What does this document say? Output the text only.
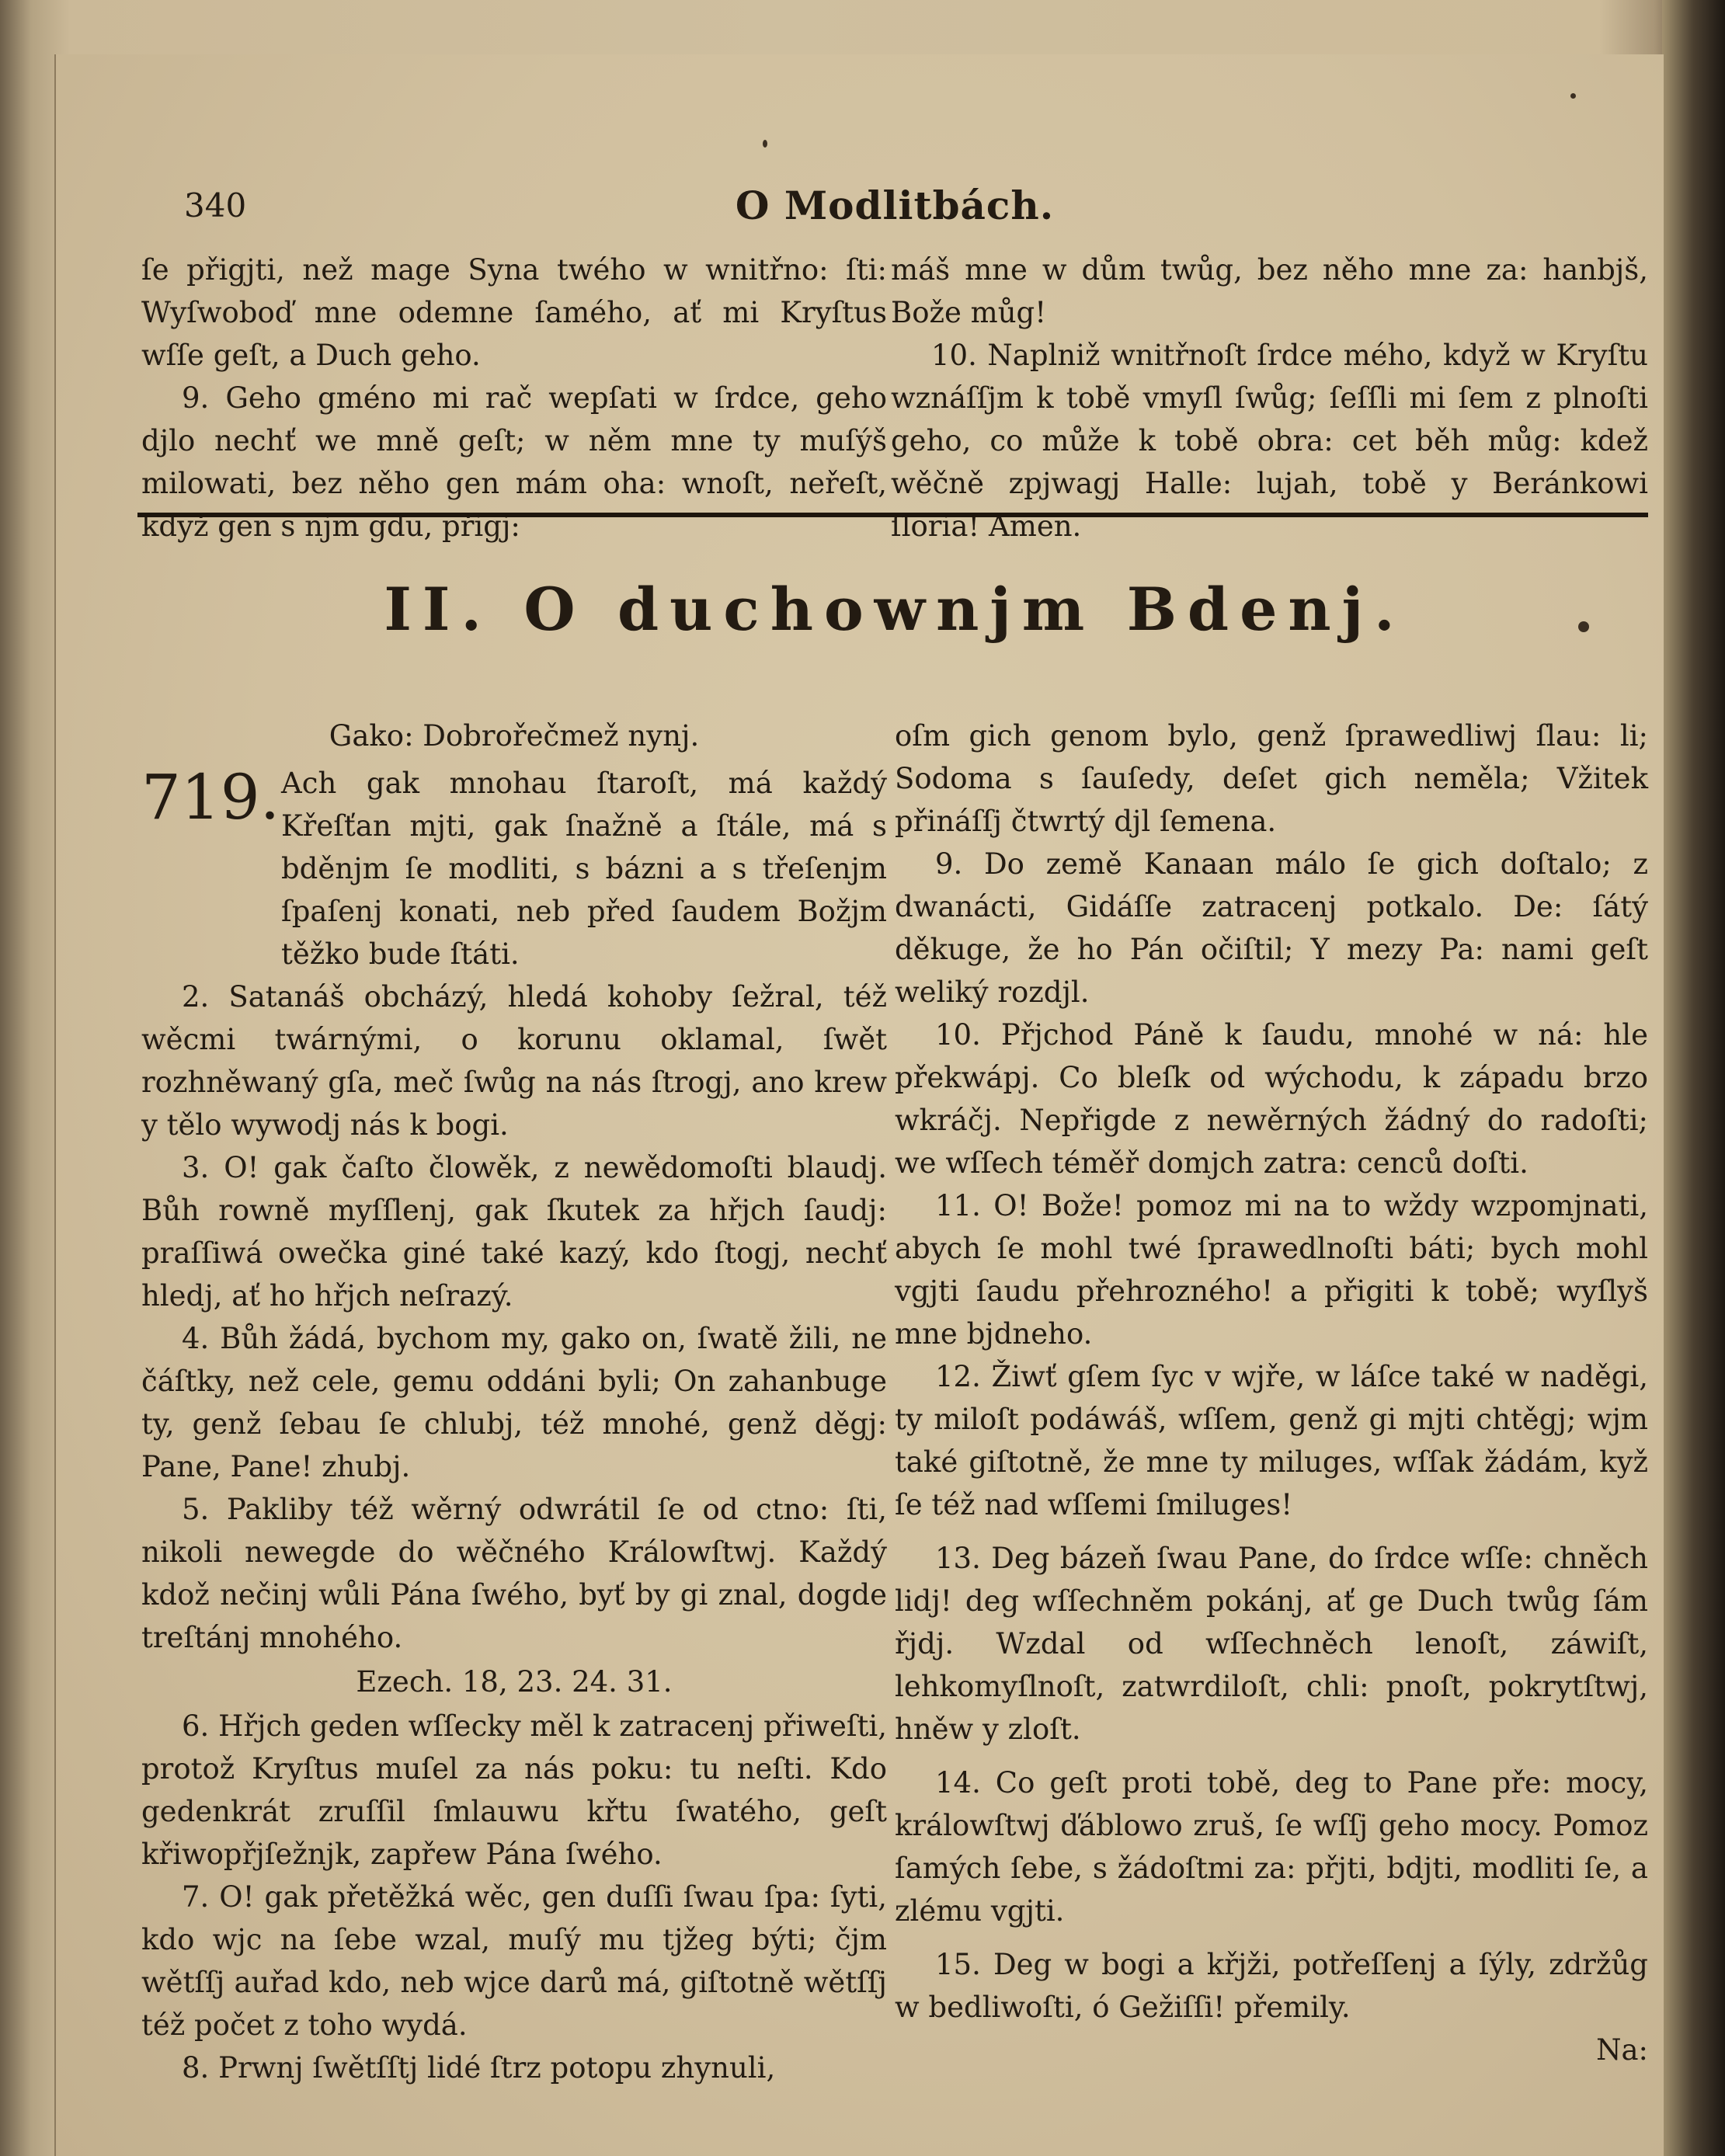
340	O Modlitbách.

ſe přigjti, než mage Syna twého w wnitřno: ſti: Wyſwoboď mne odemne ſamého, ať mi Kryſtus wſſe geſt, a Duch geho.

9. Geho gméno mi rač wepſati w ſrdce, geho djlo nechť we mně geſt; w něm mne ty muſýš milowati, bez něho gen mám oha: wnoſt, neřeſt, když gen s njm gdu, přigj:

máš mne w dům twůg, bez něho mne za: hanbjš, Bože můg!

10. Naplniž wnitřnoſt ſrdce mého, když w Kryſtu wznáſſjm k tobě vmyſl ſwůg; ſeſſli mi ſem z plnoſti geho, co může k tobě obra: cet běh můg: kdež wěčně zpjwagj Halle: lujah, tobě y Beránkowi ſloria! Amen.

II. O duchownjm Bdenj.

Gako: Dobrořečmež nynj.

719. Ach gak mnohau ſtaroſt, má každý Křeſťan mjti, gak ſnažně a ſtále, má s bděnjm ſe modliti, s bázni a s třeſenjm ſpaſenj konati, neb před ſaudem Božjm těžko bude ſtáti.

2. Satanáš obcházý, hledá kohoby ſežral, též wěcmi twárnými, o korunu oklamal, ſwět rozhněwaný gſa, meč ſwůg na nás ſtrogj, ano krew y tělo wywodj nás k bogi.

3. O! gak čaſto člowěk, z newědomoſti blaudj. Bůh rowně myſſlenj, gak ſkutek za hřjch ſaudj: praſſiwá owečka giné také kazý, kdo ſtogj, nechť hledj, ať ho hřjch neſrazý.

4. Bůh žádá, bychom my, gako on, ſwatě žili, ne čáſtky, než cele, gemu oddáni byli; On zahanbuge ty, genž ſebau ſe chlubj, též mnohé, genž děgj: Pane, Pane! zhubj.

5. Pakliby též wěrný odwrátil ſe od ctno: ſti, nikoli newegde do wěčného Králowſtwj. Každý kdož nečinj wůli Pána ſwého, byť by gi znal, dogde treſtánj mnohého.

Ezech. 18, 23. 24. 31.

6. Hřjch geden wſſecky měl k zatracenj přiweſti, protož Kryſtus muſel za nás poku: tu neſti. Kdo gedenkrát zruſſil ſmlauwu křtu ſwatého, geſt křiwopřjſežnjk, zapřew Pána ſwého.

7. O! gak přetěžká wěc, gen duſſi ſwau ſpa: ſyti, kdo wjc na ſebe wzal, muſý mu tjžeg býti; čjm wětſſj auřad kdo, neb wjce darů má, giſtotně wětſſj též počet z toho wydá.

8. Prwnj ſwětſſtj lidé ſtrz potopu zhynuli,

oſm gich genom bylo, genž ſprawedliwj ſlau: li; Sodoma s ſauſedy, deſet gich neměla; Vžitek přináſſj čtwrtý djl ſemena.

9. Do země Kanaan málo ſe gich doſtalo; z dwanácti, Gidáſſe zatracenj potkalo. De: ſátý děkuge, že ho Pán očiſtil; Y mezy Pa: nami geſt weliký rozdjl.

10. Přjchod Páně k ſaudu, mnohé w ná: hle překwápj. Co bleſk od wýchodu, k západu brzo wkráčj. Nepřigde z newěrných žádný do radoſti; we wſſech téměř domjch zatra: cenců doſti.

11. O! Bože! pomoz mi na to wždy wzpomjnati, abych ſe mohl twé ſprawedlnoſti báti; bych mohl vgjti ſaudu přehrozného! a přigiti k tobě; wyſlyš mne bjdneho.

12. Žiwť gſem ſyc v wjře, w láſce také w naděgi, ty miloſt podáwáš, wſſem, genž gi mjti chtěgj; wjm také giſtotně, že mne ty miluges, wſſak žádám, kyž ſe též nad wſſemi ſmiluges!

13. Deg bázeň ſwau Pane, do ſrdce wſſe: chněch lidj! deg wſſechněm pokánj, ať ge Duch twůg ſám řjdj. Wzdal od wſſechněch lenoſt, záwiſt, lehkomyſlnoſt, zatwrdiloſt, chli: pnoſt, pokrytſtwj, hněw y zloſt.

14. Co geſt proti tobě, deg to Pane pře: mocy, králowſtwj ďáblowo zruš, ſe wſſj geho mocy. Pomoz ſamých ſebe, s žádoſtmi za: přjti, bdjti, modliti ſe, a zlému vgjti.

15. Deg w bogi a křjži, potřeſſenj a ſýly, zdržůg w bedliwoſti, ó Gežiſſi! přemily.

Na:
